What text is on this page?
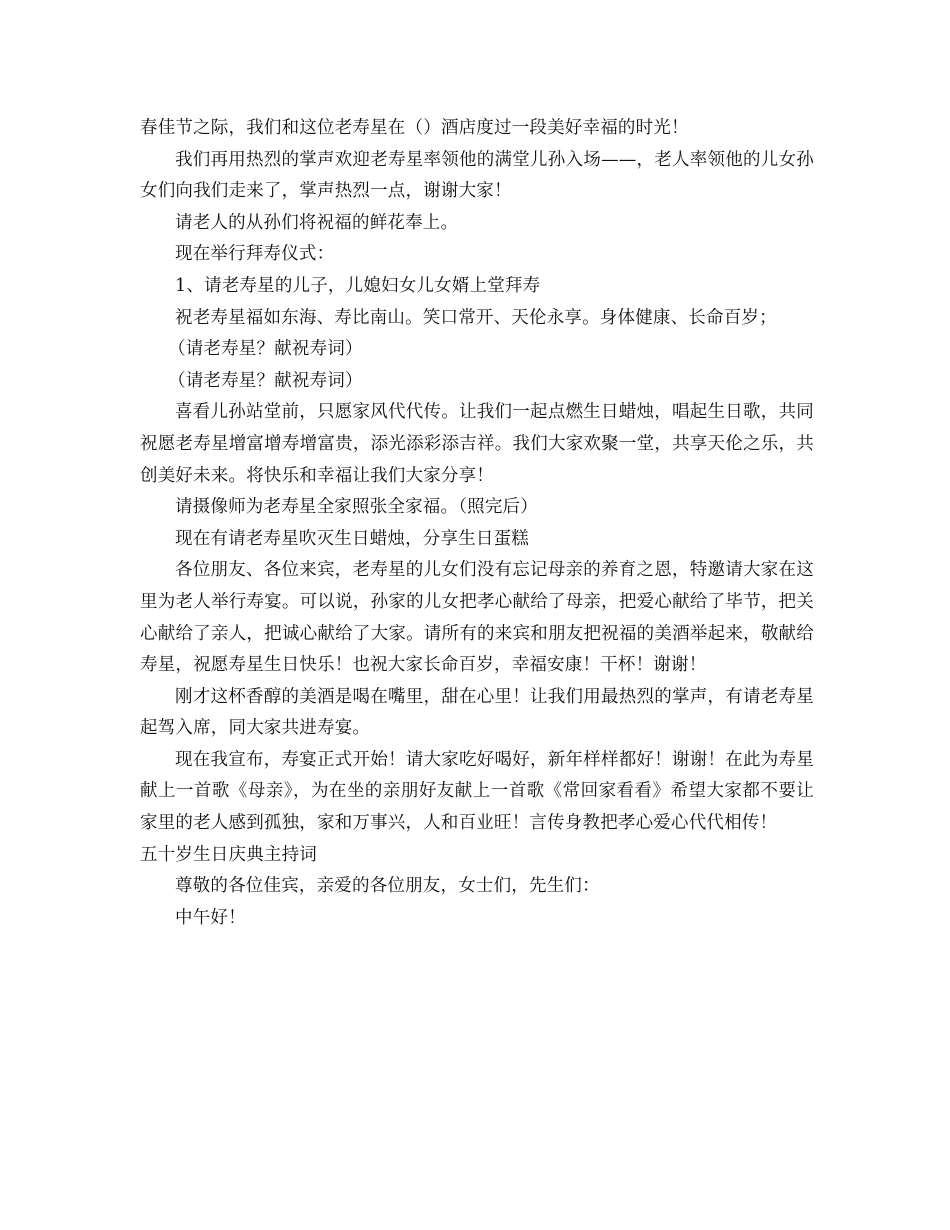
春佳节之际，我们和这位老寿星在（）酒店度过一段美好幸福的时光！

我们再用热烈的掌声欢迎老寿星率领他的满堂儿孙入场——，老人率领他的儿女孙女们向我们走来了，掌声热烈一点，谢谢大家！

请老人的从孙们将祝福的鲜花奉上。

现在举行拜寿仪式：

1、请老寿星的儿子，儿媳妇女儿女婿上堂拜寿

祝老寿星福如东海、寿比南山。笑口常开、天伦永享。身体健康、长命百岁；

（请老寿星？献祝寿词）

（请老寿星？献祝寿词）

喜看儿孙站堂前，只愿家风代代传。让我们一起点燃生日蜡烛，唱起生日歌，共同祝愿老寿星增富增寿增富贵，添光添彩添吉祥。我们大家欢聚一堂，共享天伦之乐，共创美好未来。将快乐和幸福让我们大家分享！

请摄像师为老寿星全家照张全家福。（照完后）

现在有请老寿星吹灭生日蜡烛，分享生日蛋糕

各位朋友、各位来宾，老寿星的儿女们没有忘记母亲的养育之恩，特邀请大家在这里为老人举行寿宴。可以说，孙家的儿女把孝心献给了母亲，把爱心献给了毕节，把关心献给了亲人，把诚心献给了大家。请所有的来宾和朋友把祝福的美酒举起来，敬献给寿星，祝愿寿星生日快乐！也祝大家长命百岁，幸福安康！干杯！谢谢！

刚才这杯香醇的美酒是喝在嘴里，甜在心里！让我们用最热烈的掌声，有请老寿星起驾入席，同大家共进寿宴。

现在我宣布，寿宴正式开始！请大家吃好喝好，新年样样都好！谢谢！在此为寿星献上一首歌《母亲》，为在坐的亲朋好友献上一首歌《常回家看看》希望大家都不要让家里的老人感到孤独，家和万事兴，人和百业旺！言传身教把孝心爱心代代相传！

五十岁生日庆典主持词

尊敬的各位佳宾，亲爱的各位朋友，女士们，先生们：

中午好！
